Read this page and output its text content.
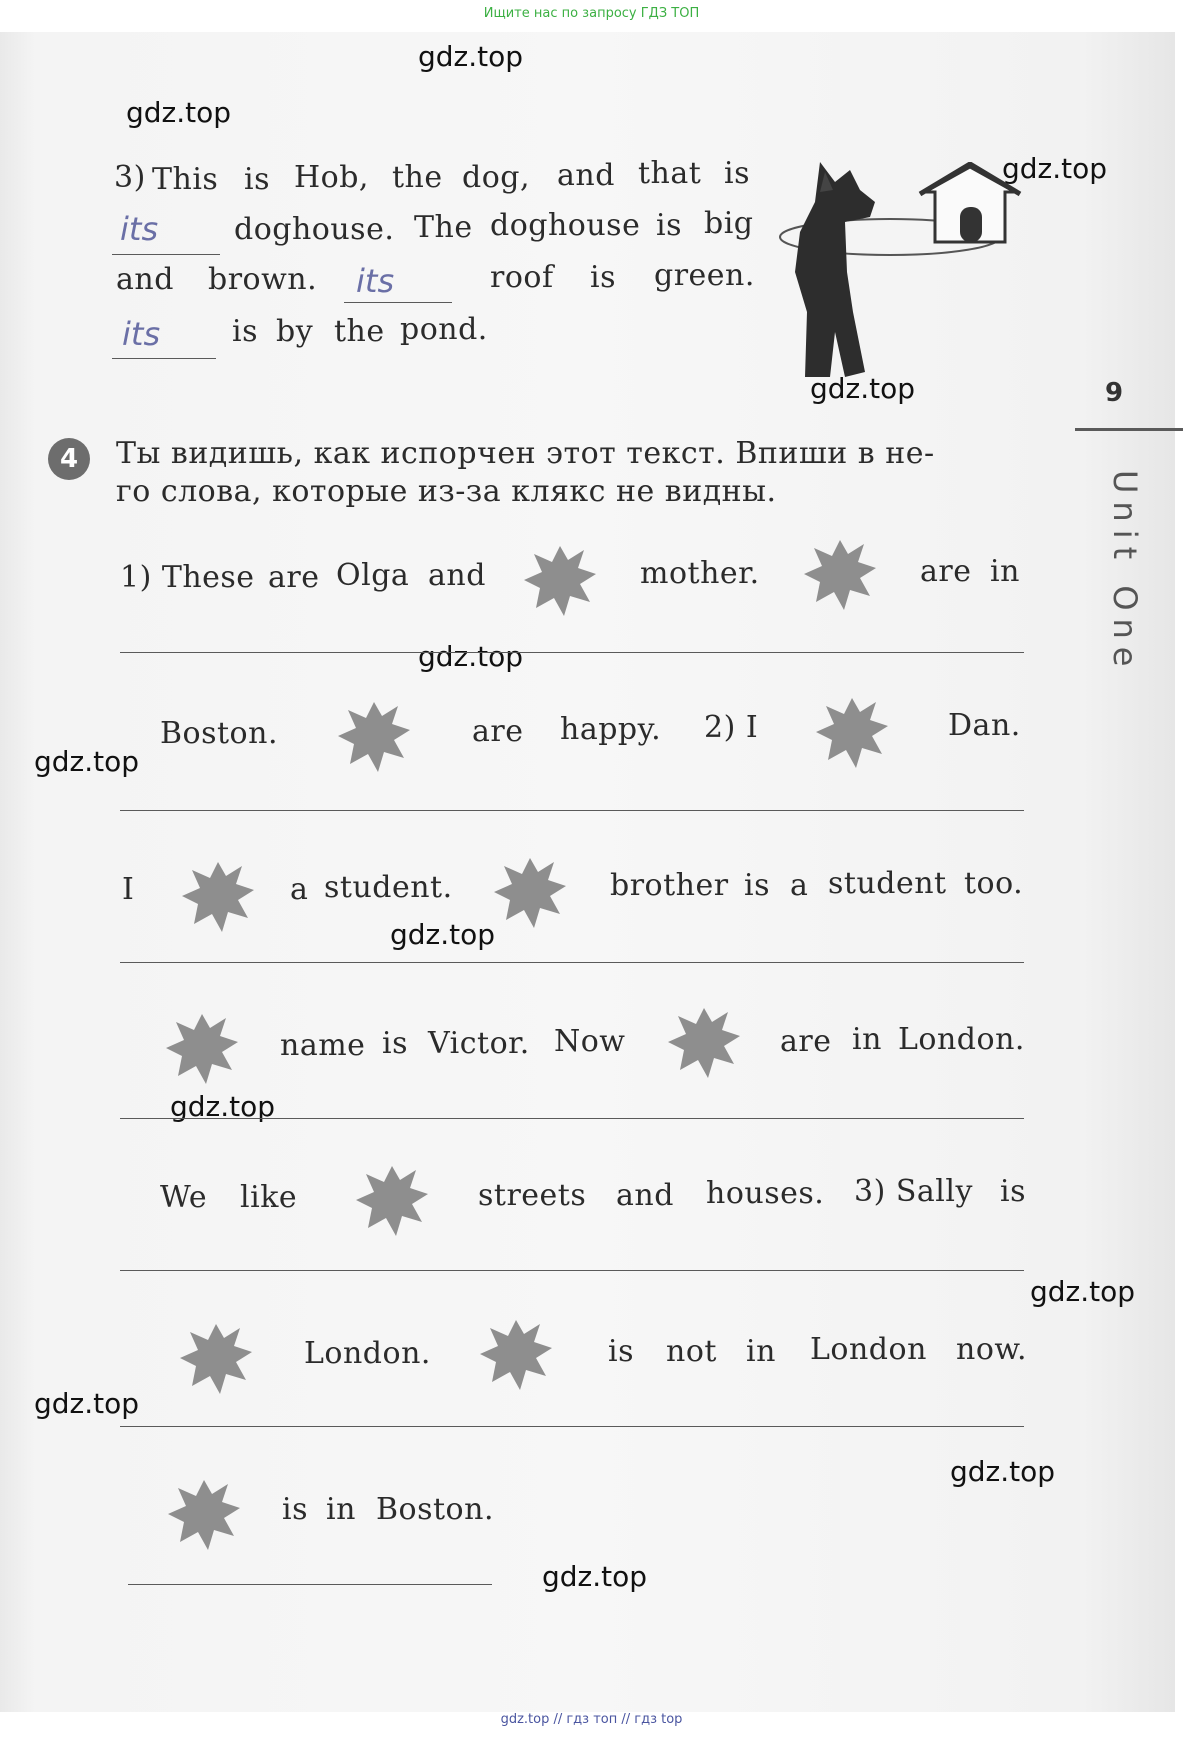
Ищите нас по запросу ГДЗ ТОП

gdz.top
gdz.top
gdz.top
gdz.top
gdz.top
gdz.top
gdz.top
gdz.top
gdz.top
gdz.top
gdz.top
gdz.top
9
Unit One
3) This is Hob, the dog, and that is
its	doghouse. The doghouse is big
and brown. its	roof is green.
its is by the pond.
4	Ты видишь, как испорчен этот текст. Впиши в не-
го слова, которые из-за клякс не видны.
1) These are Olga and	mother.	are in
Boston.	are happy. 2) I	Dan.
I	a student.	brother is a student too.
name is Victor. Now	are in London.
We like	streets and houses. 3) Sally is
London.	is not in London now.
is in Boston.
gdz.top // гдз топ // гдз top
